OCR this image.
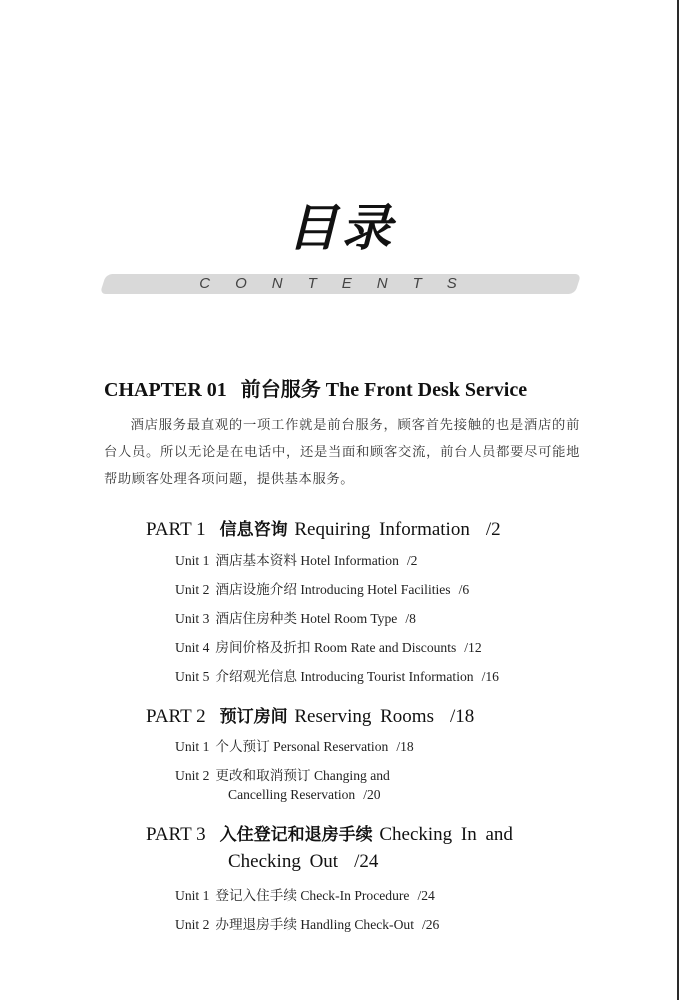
目录
CONTENTS
CHAPTER 01 前台服务 The Front Desk Service
酒店服务最直观的一项工作就是前台服务，顾客首先接触的也是酒店的前台人员。所以无论是在电话中，还是当面和顾客交流，前台人员都要尽可能地帮助顾客处理各项问题，提供基本服务。
PART 1 信息咨询 Requiring Information /2
Unit 1 酒店基本资料 Hotel Information /2
Unit 2 酒店设施介绍 Introducing Hotel Facilities /6
Unit 3 酒店住房种类 Hotel Room Type /8
Unit 4 房间价格及折扣 Room Rate and Discounts /12
Unit 5 介绍观光信息 Introducing Tourist Information /16
PART 2 预订房间 Reserving Rooms /18
Unit 1 个人预订 Personal Reservation /18
Unit 2 更改和取消预订 Changing and
Cancelling Reservation /20
PART 3 入住登记和退房手续 Checking In and
Checking Out /24
Unit 1 登记入住手续 Check-In Procedure /24
Unit 2 办理退房手续 Handling Check-Out /26
